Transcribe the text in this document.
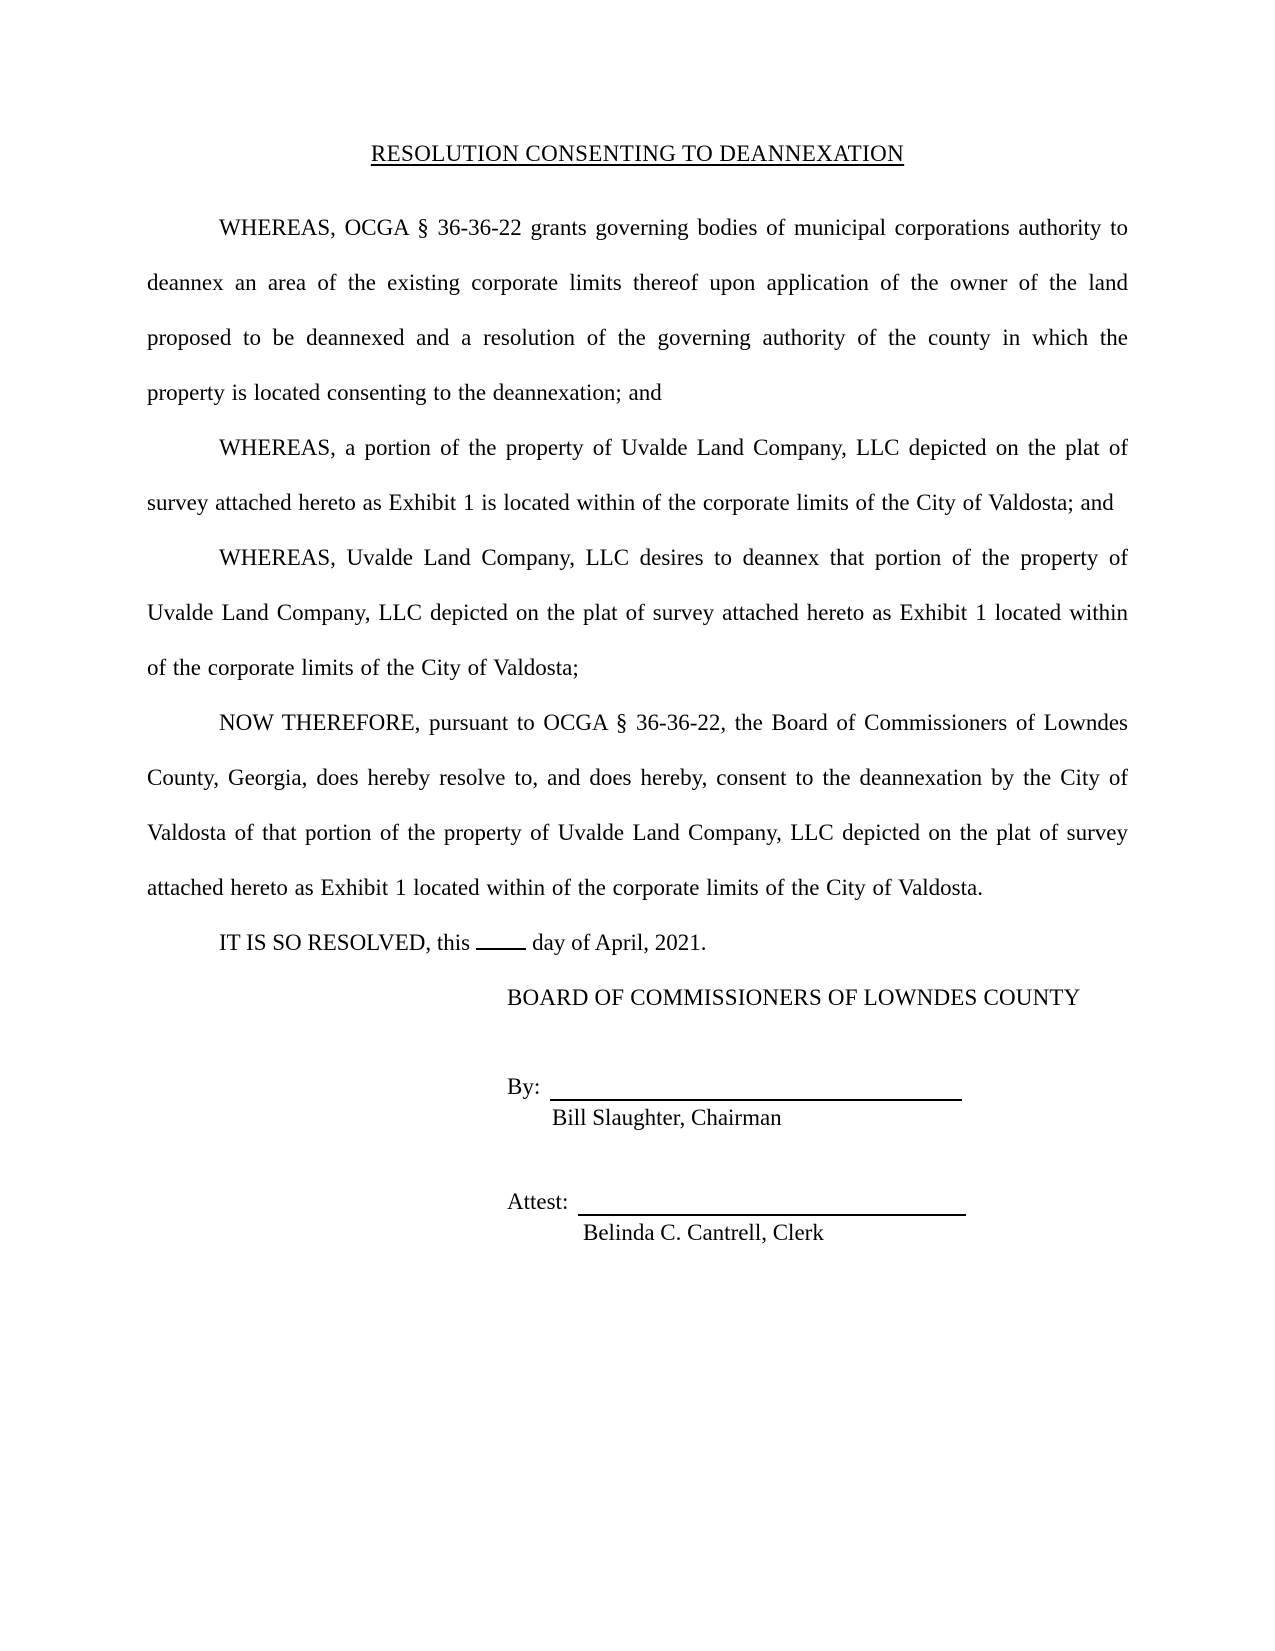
RESOLUTION CONSENTING TO DEANNEXATION

WHEREAS, OCGA § 36-36-22 grants governing bodies of municipal corporations authority to deannex an area of the existing corporate limits thereof upon application of the owner of the land proposed to be deannexed and a resolution of the governing authority of the county in which the property is located consenting to the deannexation; and

WHEREAS, a portion of the property of Uvalde Land Company, LLC depicted on the plat of survey attached hereto as Exhibit 1 is located within of the corporate limits of the City of Valdosta; and

WHEREAS, Uvalde Land Company, LLC desires to deannex that portion of the property of Uvalde Land Company, LLC depicted on the plat of survey attached hereto as Exhibit 1 located within of the corporate limits of the City of Valdosta;

NOW THEREFORE, pursuant to OCGA § 36-36-22, the Board of Commissioners of Lowndes County, Georgia, does hereby resolve to, and does hereby, consent to the deannexation by the City of Valdosta of that portion of the property of Uvalde Land Company, LLC depicted on the plat of survey attached hereto as Exhibit 1 located within of the corporate limits of the City of Valdosta.

IT IS SO RESOLVED, this	day of April, 2021.

BOARD OF COMMISSIONERS OF LOWNDES COUNTY

By:

Bill Slaughter, Chairman

Attest:

Belinda C. Cantrell, Clerk
